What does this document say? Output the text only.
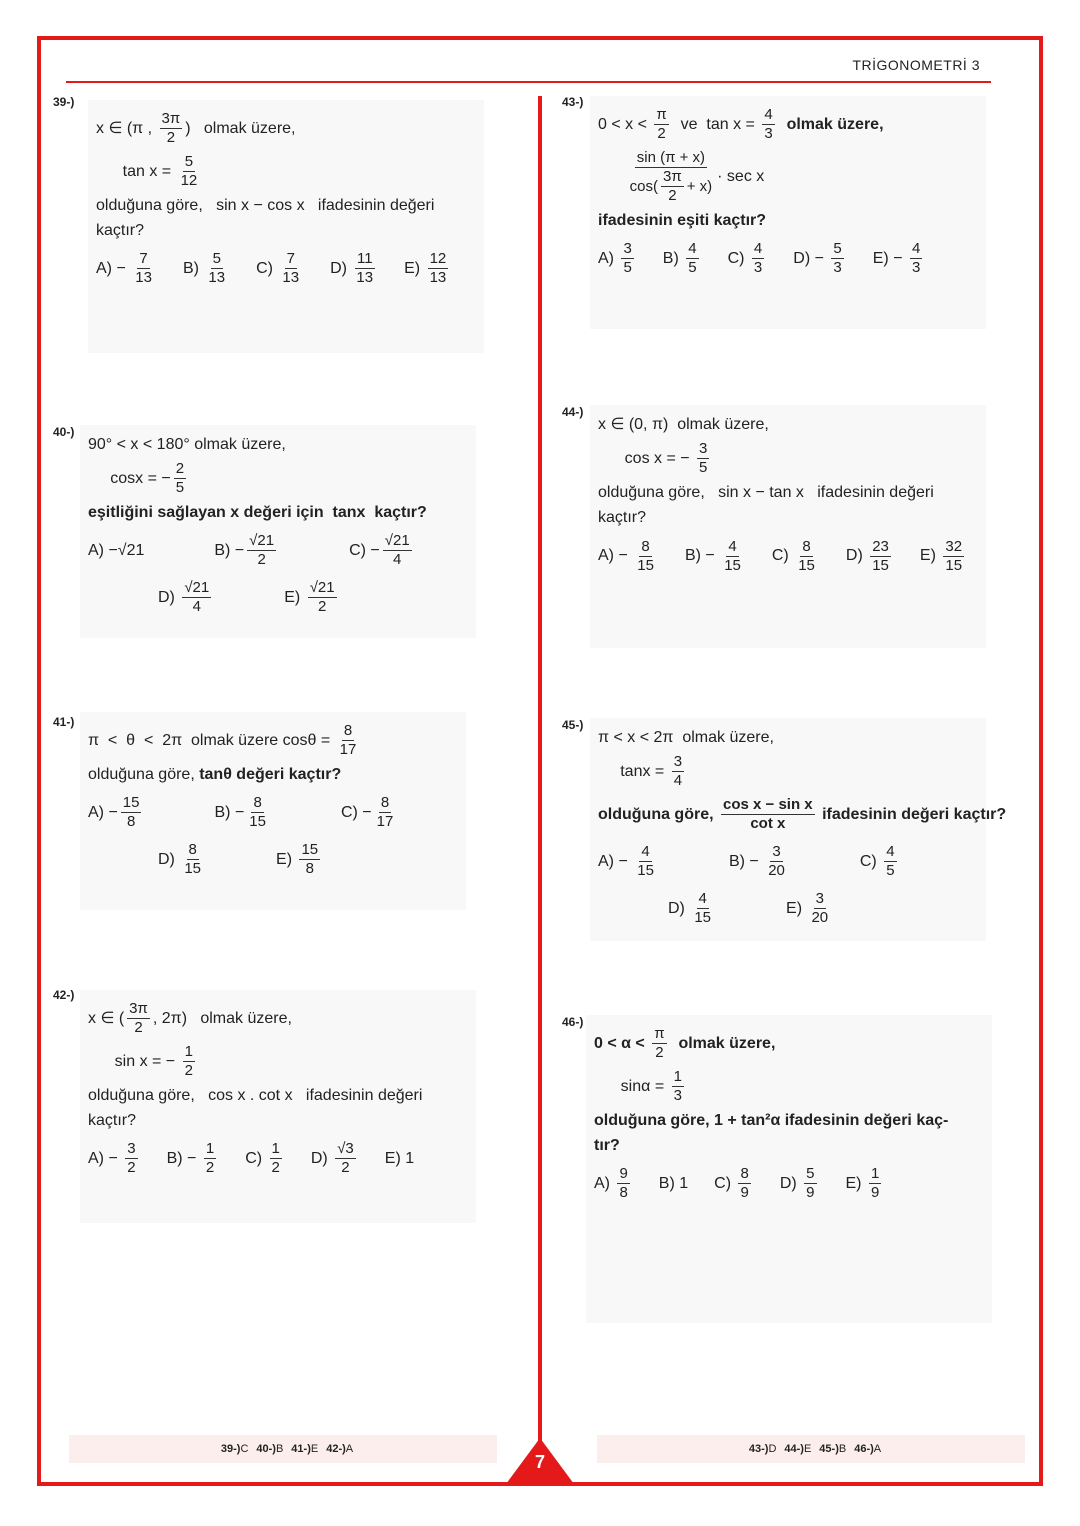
TRİGONOMETRİ 3
39-)
x ∈ (π , $\frac{3\pi}{2}$ )   olmak üzere,
$\tan x = \frac{5}{12}$
olduğuna göre,   sin x − cos x   ifadesinin değeri
kaçtır?
$A) - \frac{7}{13} B) \frac{5}{13} C) \frac{7}{13} D) \frac{11}{13} E) \frac{12}{13}$
40-)
90° < x < 180° olmak üzere,
cosx = − $\frac{2}{5}$
eşitliğini sağlayan x değeri için  tanx  kaçtır?
A) − √21	$B) - \frac{√21}{2}$	$C) - \frac{√21}{4}$
$D) \frac{√21}{4}$	$E) \frac{√21}{2}$
41-)
π  <  θ  <  2π  olmak üzere $\cos\theta = \frac{8}{17}$
olduğuna göre, tanθ değeri kaçtır?
$A) - \frac{15}{8}$	$B) - \frac{8}{15}$	$C) - \frac{8}{17}$
$D) \frac{8}{15}$	$E) \frac{15}{8}$
42-)
x ∈ ( $\frac{3\pi}{2}$ , 2π)   olmak üzere,
sin x = − $\frac{1}{2}$
olduğuna göre,   cos x . cot x   ifadesinin değeri
kaçtır?
$A) - \frac{3}{2} B) - \frac{1}{2} C) \frac{1}{2} D) \frac{√3}{2} E$) 1
43-)
$0 < x < \frac{\pi}{2}$ ve  $\tan x = \frac{4}{3}$ olmak üzere,

$\frac{\sin (\pi + x)}{\cos( \frac{3\pi}{2} + x)} \cdot \sec x$
ifadesinin eşiti kaçtır?
$A) \frac{3}{5} B) \frac{4}{5} C) \frac{4}{3} D) - \frac{5}{3} E) - \frac{4}{3}$
44-)
x ∈ (0, π)  olmak üzere,
cos x = − $\frac{3}{5}$
olduğuna göre,   sin x − tan x   ifadesinin değeri
kaçtır?
$A) - \frac{8}{15} B) - \frac{4}{15} C) \frac{8}{15} D) \frac{23}{15} E) \frac{32}{15}$
45-)
π < x < 2π  olmak üzere,
$\tan x = \frac{3}{4}$
olduğuna göre, $\frac{\text{cos x − sin x}}{\text{cot x}}$ ifadesinin değeri kaçtır?
$A) - \frac{4}{15}$	$B) - \frac{3}{20}$	$C) \frac{4}{5}$
$D) \frac{4}{15}$	$E) \frac{3}{20}$
46-)
$0 < \alpha < \frac{\pi}{2}$ olmak üzere,
$\sin\alpha = \frac{1}{3}$
olduğuna göre, 1 + tan²α ifadesinin değeri kaç-
tır?
$A) \frac{9}{8} B$) 1 $C) \frac{8}{9} D) \frac{5}{9} E) \frac{1}{9}$
39-) C 40-) B 41-) E 42-) A	43-) D 44-) E 45-) B 46-) A
7
